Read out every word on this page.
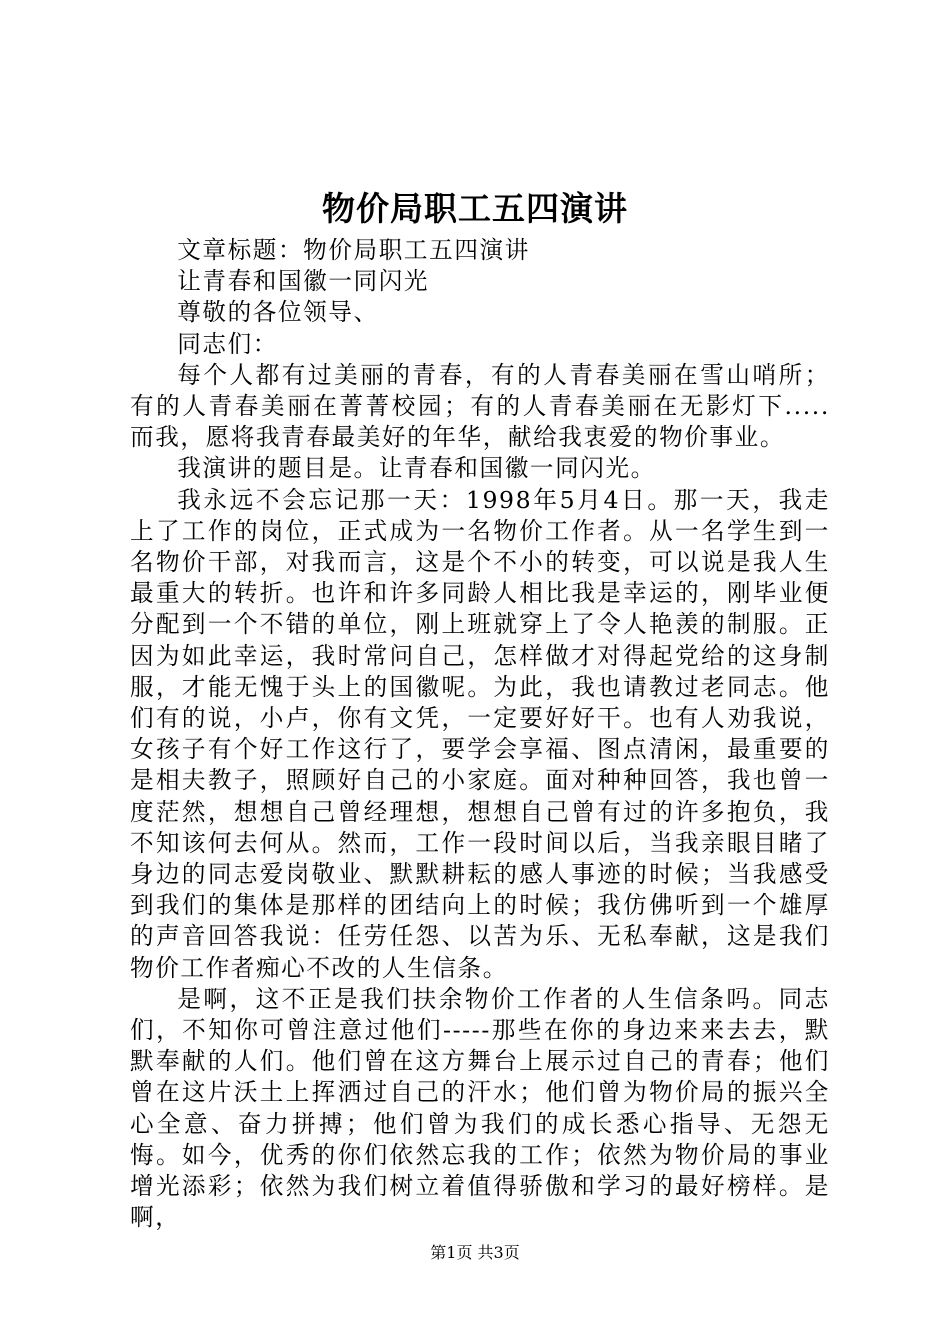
物价局职工五四演讲

文章标题：物价局职工五四演讲

让青春和国徽一同闪光

尊敬的各位领导、

同志们：

每个人都有过美丽的青春，有的人青春美丽在雪山哨所；有的人青春美丽在菁菁校园；有的人青春美丽在无影灯下.....而我，愿将我青春最美好的年华，献给我衷爱的物价事业。

我演讲的题目是。让青春和国徽一同闪光。

我永远不会忘记那一天：1998年5月4日。那一天，我走上了工作的岗位，正式成为一名物价工作者。从一名学生到一名物价干部，对我而言，这是个不小的转变，可以说是我人生最重大的转折。也许和许多同龄人相比我是幸运的，刚毕业便分配到一个不错的单位，刚上班就穿上了令人艳羡的制服。正因为如此幸运，我时常问自己，怎样做才对得起党给的这身制服，才能无愧于头上的国徽呢。为此，我也请教过老同志。他们有的说，小卢，你有文凭，一定要好好干。也有人劝我说，女孩子有个好工作这行了，要学会享福、图点清闲，最重要的是相夫教子，照顾好自己的小家庭。面对种种回答，我也曾一度茫然，想想自己曾经理想，想想自己曾有过的许多抱负，我不知该何去何从。然而，工作一段时间以后，当我亲眼目睹了身边的同志爱岗敬业、默默耕耘的感人事迹的时候；当我感受到我们的集体是那样的团结向上的时候；我仿佛听到一个雄厚的声音回答我说：任劳任怨、以苦为乐、无私奉献，这是我们物价工作者痴心不改的人生信条。

是啊，这不正是我们扶余物价工作者的人生信条吗。同志们，不知你可曾注意过他们-----那些在你的身边来来去去，默默奉献的人们。他们曾在这方舞台上展示过自己的青春；他们曾在这片沃土上挥洒过自己的汗水；他们曾为物价局的振兴全心全意、奋力拼搏；他们曾为我们的成长悉心指导、无怨无悔。如今，优秀的你们依然忘我的工作；依然为物价局的事业增光添彩；依然为我们树立着值得骄傲和学习的最好榜样。是啊，

第1页 共3页
